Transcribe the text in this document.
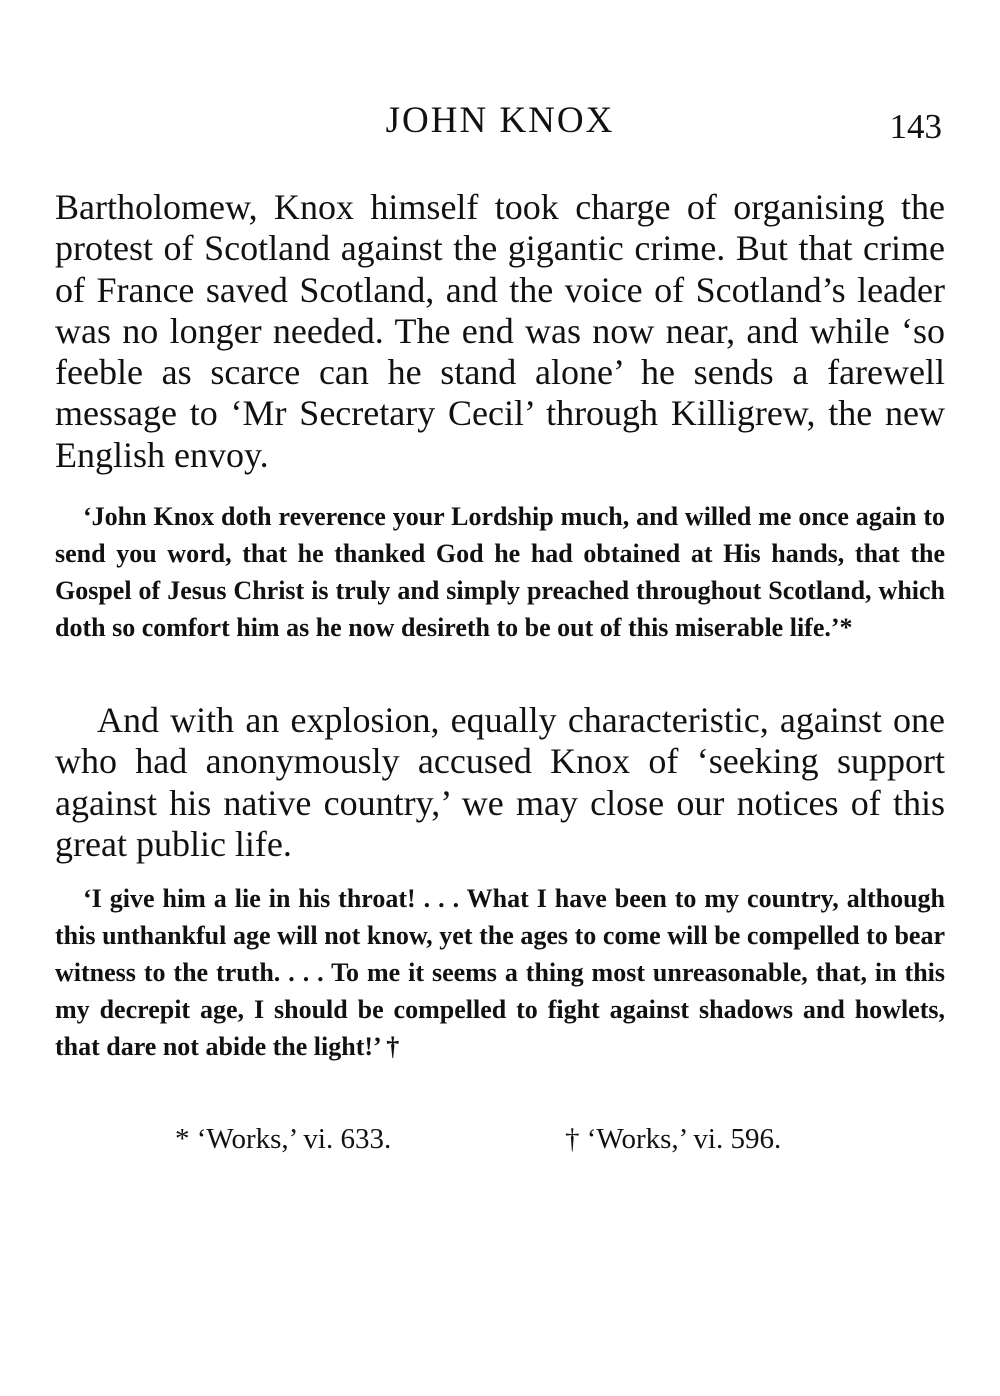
JOHN KNOX	143

Bartholomew, Knox himself took charge of organising the protest of Scotland against the gigantic crime. But that crime of France saved Scotland, and the voice of Scotland’s leader was no longer needed. The end was now near, and while ‘so feeble as scarce can he stand alone’ he sends a farewell message to ‘Mr Secretary Cecil’ through Killigrew, the new English envoy.

‘John Knox doth reverence your Lordship much, and willed me once again to send you word, that he thanked God he had obtained at His hands, that the Gospel of Jesus Christ is truly and simply preached throughout Scotland, which doth so comfort him as he now desireth to be out of this miserable life.’*

And with an explosion, equally characteristic, against one who had anonymously accused Knox of ‘seeking support against his native country,’ we may close our notices of this great public life.

‘I give him a lie in his throat! . . . What I have been to my country, although this unthankful age will not know, yet the ages to come will be compelled to bear witness to the truth. . . . To me it seems a thing most unreasonable, that, in this my decrepit age, I should be compelled to fight against shadows and howlets, that dare not abide the light!’ †

* ‘Works,’ vi. 633.	† ‘Works,’ vi. 596.
